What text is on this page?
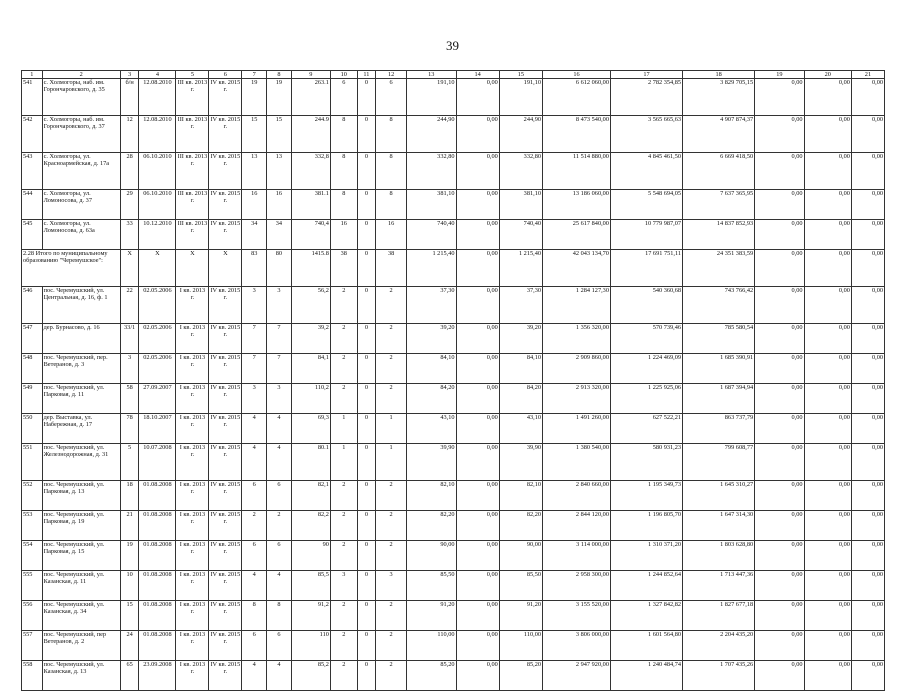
39
1	2	3	4	5	6	7	8	9	10	11	12	13	14	15	16	17	18	19	20	21
541	с. Холмогоры, наб. им. Горончаровского, д. 35	б/н	12.08.2010	III кв. 2013 г.	IV кв. 2015 г.	19	19	263.1	6	0	6	191,10	0,00	191,10	6 612 060,00	2 782 354,85	3 829 705,15	0,00	0,00	0,00
542	с. Холмогоры, наб. им. Горончаровского, д. 37	12	12.08.2010	III кв. 2013 г.	IV кв. 2015 г.	15	15	244.9	8	0	8	244,90	0,00	244,90	8 473 540,00	3 565 665,63	4 907 874,37	0,00	0,00	0,00
543	с. Холмогоры, ул. Красноармейская, д. 17а	28	06.10.2010	III кв. 2013 г.	IV кв. 2015 г.	13	13	332,8	8	0	8	332,80	0,00	332,80	11 514 880,00	4 845 461,50	6 669 418,50	0,00	0,00	0,00
544	с. Холмогоры, ул. Ломоносова, д. 37	29	06.10.2010	III кв. 2013 г.	IV кв. 2015 г.	16	16	381.1	8	0	8	381,10	0,00	381,10	13 186 060,00	5 548 694,05	7 637 365,95	0,00	0,00	0,00
545	с. Холмогоры, ул. Ломоносова, д. 63а	33	10.12.2010	III кв. 2013 г.	IV кв. 2015 г.	34	34	740,4	16	0	16	740,40	0,00	740,40	25 617 840,00	10 779 987,07	14 837 852,93	0,00	0,00	0,00
2.28 Итого по муниципальному образованию "Черемушское":		X	X	X	X	83	80	1415.8	38	0	38	1 215,40	0,00	1 215,40	42 043 134,70	17 691 751,11	24 351 383,59	0,00	0,00	0,00
546	пос. Черемушский, ул. Центральная, д. 16, ф. 1	22	02.05.2006	I кв. 2013 г.	IV кв. 2015 г.	3	3	56,2	2	0	2	37,30	0,00	37,30	1 284 127,30	540 360,68	743 766,42	0,00	0,00	0,00
547	дер. Бурнасово, д. 16	33/1	02.05.2006	I кв. 2013 г.	IV кв. 2015 г.	7	7	39,2	2	0	2	39,20	0,00	39,20	1 356 320,00	570 739,46	785 580,54	0,00	0,00	0,00
548	пос. Черемушский, пер. Ветеранов, д. 3	3	02.05.2006	I кв. 2013 г.	IV кв. 2015 г.	7	7	84,1	2	0	2	84,10	0,00	84,10	2 909 860,00	1 224 469,09	1 685 390,91	0,00	0,00	0,00
549	пос. Черемушский, ул. Парковая, д. 11	58	27.09.2007	I кв. 2013 г.	IV кв. 2015 г.	3	3	110,2	2	0	2	84,20	0,00	84,20	2 913 320,00	1 225 925,06	1 687 394,94	0,00	0,00	0,00
550	дер. Выставка, ул. Набережная, д. 17	78	18.10.2007	I кв. 2013 г.	IV кв. 2015 г.	4	4	69,3	1	0	1	43,10	0,00	43,10	1 491 260,00	627 522,21	863 737,79	0,00	0,00	0,00
551	пос. Черемушский, ул. Железнодорожная, д. 31	5	10.07.2008	I кв. 2013 г.	IV кв. 2015 г.	4	4	80.1	1	0	1	39,90	0,00	39,90	1 380 540,00	580 931,23	799 608,77	0,00	0,00	0,00
552	пос. Черемушский, ул. Парковая, д. 13	18	01.08.2008	I кв. 2013 г.	IV кв. 2015 г.	6	6	82,1	2	0	2	82,10	0,00	82,10	2 840 660,00	1 195 349,73	1 645 310,27	0,00	0,00	0,00
553	пос. Черемушский, ул. Парковая, д. 19	21	01.08.2008	I кв. 2013 г.	IV кв. 2015 г.	2	2	82,2	2	0	2	82,20	0,00	82,20	2 844 120,00	1 196 805,70	1 647 314,30	0,00	0,00	0,00
554	пос. Черемушский, ул. Парковая, д. 15	19	01.08.2008	I кв. 2013 г.	IV кв. 2015 г.	6	6	90	2	0	2	90,00	0,00	90,00	3 114 000,00	1 310 371,20	1 803 628,80	0,00	0,00	0,00
555	пос. Черемушский, ул. Казанская, д. 11	10	01.08.2008	I кв. 2013 г.	IV кв. 2015 г.	4	4	85,5	3	0	3	85,50	0,00	85,50	2 958 300,00	1 244 852,64	1 713 447,36	0,00	0,00	0,00
556	пос. Черемушский, ул. Казанская, д. 34	15	01.08.2008	I кв. 2013 г.	IV кв. 2015 г.	8	8	91,2	2	0	2	91,20	0,00	91,20	3 155 520,00	1 327 842,82	1 827 677,18	0,00	0,00	0,00
557	пос. Черемушский, пер Ветеранов, д. 2	24	01.08.2008	I кв. 2013 г.	IV кв. 2015 г.	6	6	110	2	0	2	110,00	0,00	110,00	3 806 000,00	1 601 564,80	2 204 435,20	0,00	0,00	0,00
558	пос. Черемушский, ул. Казанская, д. 13	65	23.09.2008	I кв. 2013 г.	IV кв. 2015 г.	4	4	85,2	2	0	2	85,20	0,00	85,20	2 947 920,00	1 240 484,74	1 707 435,26	0,00	0,00	0,00
